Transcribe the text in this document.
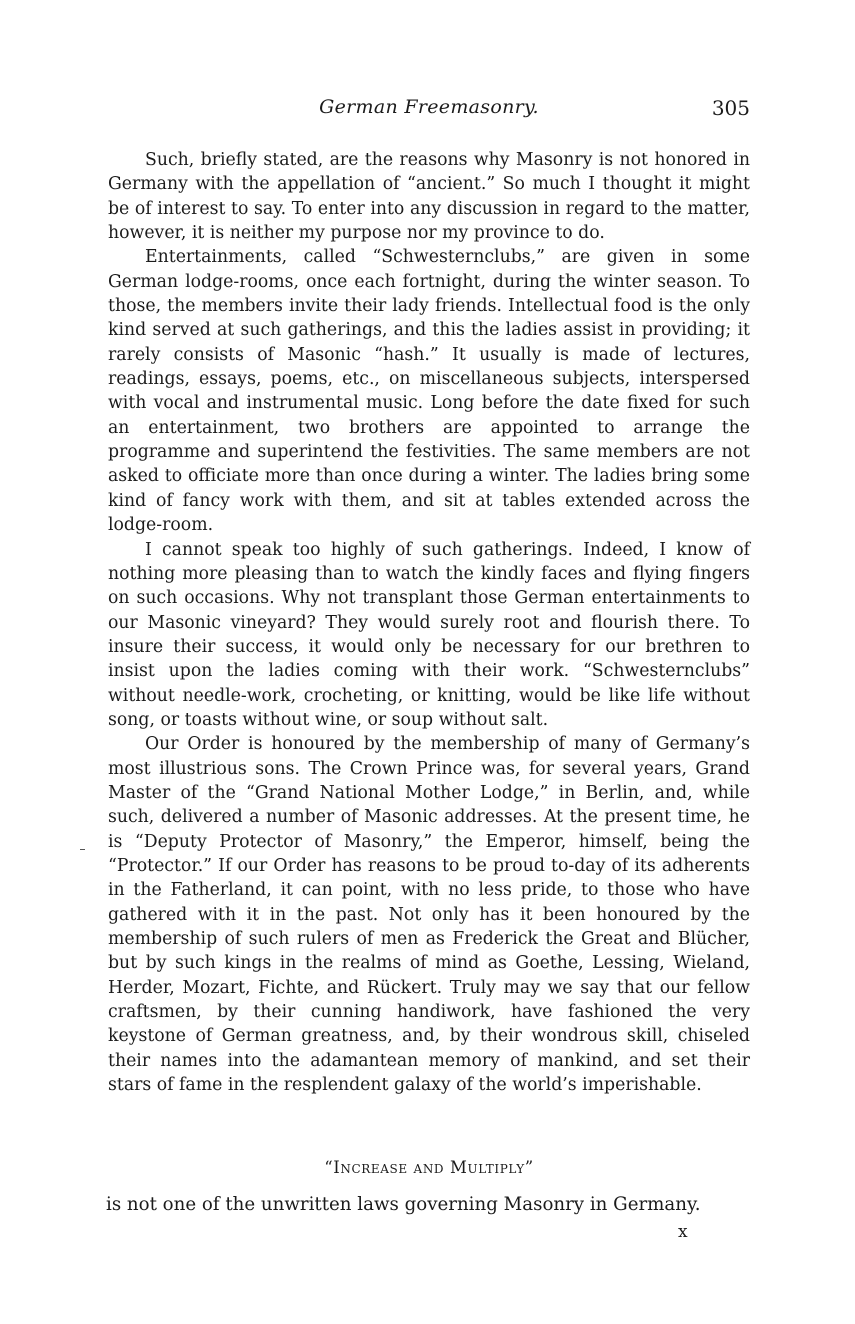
German Freemasonry.	305

Such, briefly stated, are the reasons why Masonry is not honored in Germany with the appellation of “ancient.” So much I thought it might be of interest to say. To enter into any discussion in regard to the matter, however, it is neither my purpose nor my province to do.

Entertainments, called “Schwesternclubs,” are given in some German lodge-rooms, once each fortnight, during the winter season. To those, the members invite their lady friends. Intellectual food is the only kind served at such gatherings, and this the ladies assist in providing; it rarely consists of Masonic “hash.” It usually is made of lectures, readings, essays, poems, etc., on miscellaneous subjects, interspersed with vocal and instrumental music. Long before the date fixed for such an entertainment, two brothers are appointed to arrange the programme and superintend the festivities. The same members are not asked to officiate more than once during a winter. The ladies bring some kind of fancy work with them, and sit at tables extended across the lodge-room.

I cannot speak too highly of such gatherings. Indeed, I know of nothing more pleasing than to watch the kindly faces and flying fingers on such occasions. Why not transplant those German entertainments to our Masonic vineyard? They would surely root and flourish there. To insure their success, it would only be necessary for our brethren to insist upon the ladies coming with their work. “Schwesternclubs” without needle-work, crocheting, or knitting, would be like life without song, or toasts without wine, or soup without salt.

Our Order is honoured by the membership of many of Germany’s most illustrious sons. The Crown Prince was, for several years, Grand Master of the “Grand National Mother Lodge,” in Berlin, and, while such, delivered a number of Masonic addresses. At the present time, he is “Deputy Protector of Masonry,” the Emperor, himself, being the “Protector.” If our Order has reasons to be proud to-day of its adherents in the Fatherland, it can point, with no less pride, to those who have gathered with it in the past. Not only has it been honoured by the membership of such rulers of men as Frederick the Great and Blücher, but by such kings in the realms of mind as Goethe, Lessing, Wieland, Herder, Mozart, Fichte, and Rückert. Truly may we say that our fellow craftsmen, by their cunning handiwork, have fashioned the very keystone of German greatness, and, by their wondrous skill, chiseled their names into the adamantean memory of mankind, and set their stars of fame in the resplendent galaxy of the world’s imperishable.

“Increase and Multiply”
is not one of the unwritten laws governing Masonry in Germany.
x
